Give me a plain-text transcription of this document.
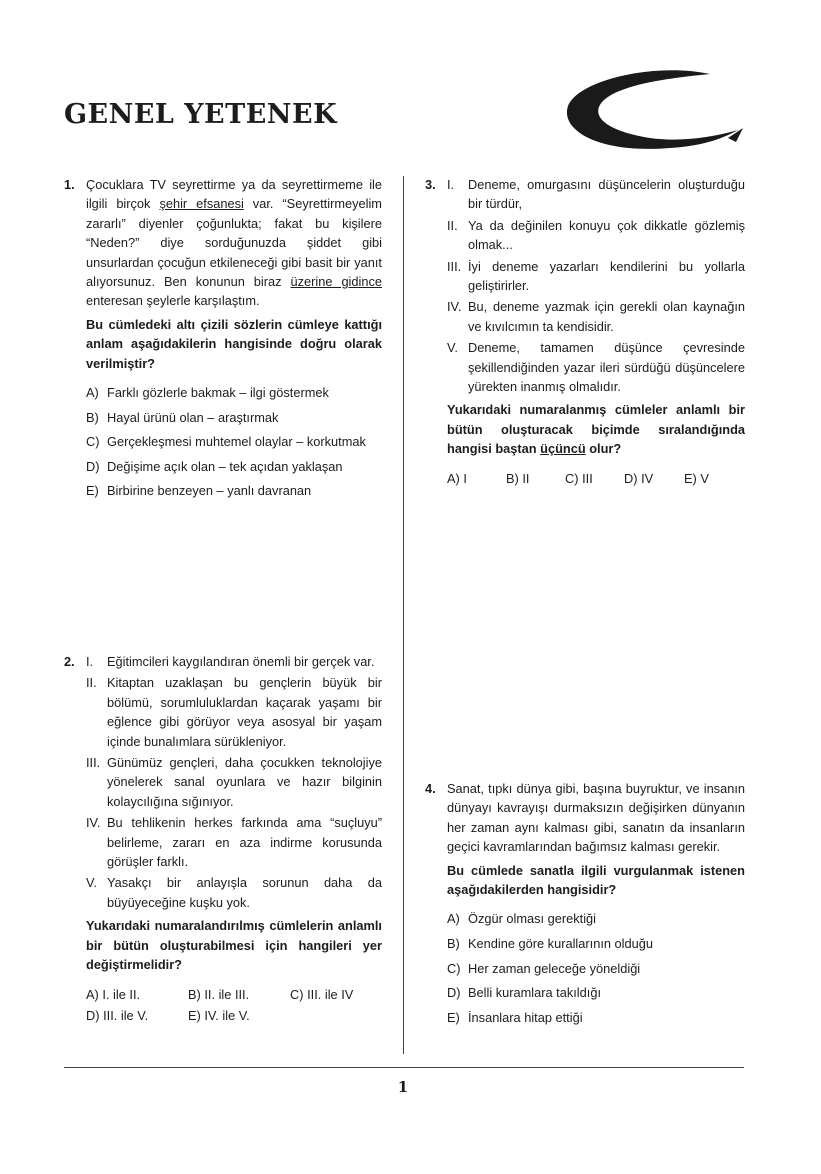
GENEL YETENEK
1. Çocuklara TV seyrettirme ya da seyrettirmeme ile ilgili birçok şehir efsanesi var. “Seyrettirmeyelim zararlı” diyenler çoğunlukta; fakat bu kişilere “Neden?” diye sorduğunuzda şiddet gibi unsurlardan çocuğun etkileneceği gibi basit bir yanıt alıyorsunuz. Ben konunun biraz üzerine gidince enteresan şeylerle karşılaştım.
Bu cümledeki altı çizili sözlerin cümleye kattığı anlam aşağıdakilerin hangisinde doğru olarak verilmiştir?
A) Farklı gözlerle bakmak – ilgi göstermek
B) Hayal ürünü olan – araştırmak
C) Gerçekleşmesi muhtemel olaylar – korkutmak
D) Değişime açık olan – tek açıdan yaklaşan
E) Birbirine benzeyen – yanlı davranan
2. I.	Eğitimcileri kaygılandıran önemli bir gerçek var.
II. Kitaptan uzaklaşan bu gençlerin büyük bir bölümü, sorumluluklardan kaçarak yaşamı bir eğlence gibi görüyor veya asosyal bir yaşam içinde bunalımlara sürükleniyor.
III. Günümüz gençleri, daha çocukken teknolojiye yönelerek sanal oyunlara ve hazır bilginin kolaycılığına sığınıyor.
IV. Bu tehlikenin herkes farkında ama “suçluyu” belirleme, zararı en aza indirme korusunda görüşler farklı.
V. Yasakçı bir anlayışla sorunun daha da büyüyeceğine kuşku yok.
Yukarıdaki numaralandırılmış cümlelerin anlamlı bir bütün oluşturabilmesi için hangileri yer değiştirmelidir?
A) I. ile II.	B) II. ile III.	C) III. ile IV
D) III. ile V.	E) IV. ile V.
3. I.	Deneme, omurgasını düşüncelerin oluşturduğu bir türdür,
II. Ya da değinilen konuyu çok dikkatle gözlemiş olmak...
III. İyi deneme yazarları kendilerini bu yollarla geliştirirler.
IV. Bu, deneme yazmak için gerekli olan kaynağın ve kıvılcımın ta kendisidir.
V. Deneme, tamamen düşünce çevresinde şekillendiğinden yazar ileri sürdüğü düşüncelere yürekten inanmış olmalıdır.
Yukarıdaki numaralanmış cümleler anlamlı bir bütün oluşturacak biçimde sıralandığında hangisi baştan üçüncü olur?
A) I	B) II	C) III	D) IV	E) V
4. Sanat, tıpkı dünya gibi, başına buyruktur, ve insanın dünyayı kavrayışı durmaksızın değişirken dünyanın her zaman aynı kalması gibi, sanatın da insanların geçici kavramlarından bağımsız kalması gerekir.
Bu cümlede sanatla ilgili vurgulanmak istenen aşağıdakilerden hangisidir?
A) Özgür olması gerektiği
B) Kendine göre kurallarının olduğu
C) Her zaman geleceğe yöneldiği
D) Belli kuramlara takıldığı
E) İnsanlara hitap ettiği
1
